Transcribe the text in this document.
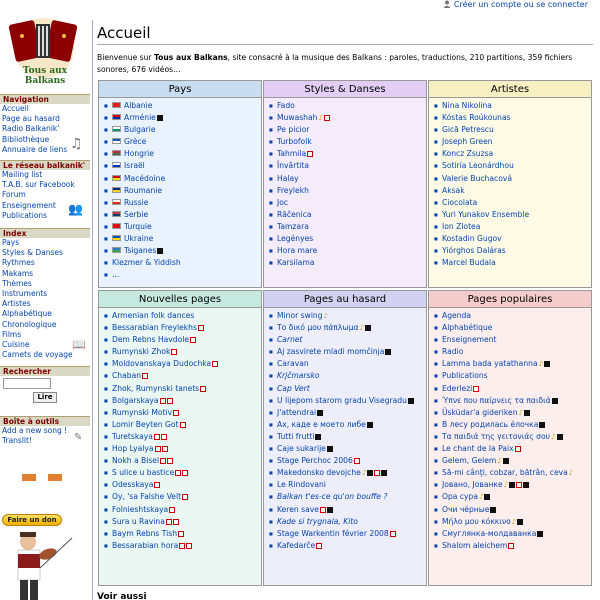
Créer un compte ou se connecter
Tous aux Balkans
Navigation
Accueil
Page au hasard
Radio Balkanik'
Bibliothèque
Annuaire de liens ♫
Le réseau balkanik'
Mailing list
T.A.B. sur Facebook
Forum
Enseignement
Publications	👥
Index
Pays
Styles & Danses
Rythmes
Makams
Thèmes
Instruments
Artistes
Alphabétique
Chronologique
Films
Cuisine
Carnets de voyage
📖
Rechercher
Lire
Boîte à outils
Add a new song !
Translit!	✎
Faire un don
Accueil

Bienvenue sur Tous aux Balkans, site consacré à la musique des Balkans : paroles, traductions, 210 partitions, 359 fichiers sonores, 676 vidéos…

Pays
■ Albanie
■ Arménie
■ Bulgarie
■ Grèce
■ Hongrie
■ Israël
■ Macédoine
■ Roumanie
■ Russie
■ Serbie
■ Turquie
■ Ukraine
■ Tsiganes
■ Klezmer & Yiddish
■ ...
Styles & Danses
■ Fado
■ Muwashah♪
■ Pe picior
■ Turbofolk
■ Tahmila
■ Învârtita
■ Halay
■ Freylekh
■ Joc
■ Răčenica
■ Tamzara
■ Legényes
■ Hora mare
■ Karsilama
Artistes
■ Nina Nikolina
■ Kóstas Roúkounas
■ Gică Petrescu
■ Joseph Green
■ Koncz Zsuzsa
■ Sotiría Leonárdhou
■ Valerie Buchacová
■ Aksak
■ Ciocolata
■ Yuri Yunakov Ensemble
■ Ion Zlotea
■ Kostadin Gugov
■ Yiórghos Daláras
■ Marcel Budala
Nouvelles pages
■ Armenian folk dances
■ Bessarabian Freylekhs
■ Dem Rebns Havdole
■ Rumynski Zhok
■ Moldovanskaya Dudochka
■ Chaban
■ Zhok, Rumynski tanets
■ Bolgarskaya
■ Rumynski Motiv
■ Lomir Beyten Got
■ Turetskaya
■ Hop Lyalya
■ Nokh a Bisel
■ S ulice u bastice
■ Odesskaya
■ Oy, 'sa Falshe Velt
■ Folnieshtskaya
■ Sura u Ravina
■ Baym Rebns Tish
■ Bessarabian hora
Pages au hasard
■ Minor swing♪
■ Το δικό μου πάπλωμα♪
■ Carnet
■ Aj zasvirete mladi momčinja
■ Caravan
■ Krjčmarsko
■ Cap Vert
■ U lijepom starom gradu Visegradu
■ J'attendrai
■ Ах, каде е моето либе
■ Tutti frutti
■ Caje sukarije
■ Stage Perchoc 2006
■ Makedonsko devojche♪
■ Le Rindovani
■ Balkan t'es-ce qu'on bouffe ?
■ Keren save
■ Kade si trygnala, Kito
■ Stage Warkentin février 2008
■ Kafedarče
Pages populaires
■ Agenda
■ Alphabétique
■ Enseignement
■ Radio
■ Lamma bada yatathanna♪
■ Publications
■ Ederlezi
■ Ύπνε που παίρνεις τα παιδιά
■ Üsküdar'a gideriken♪
■ В лесу родилась ёлочка
■ Τα παιδιά της γειτονιάς σου♪
■ Le chant de la Paix
■ Gelem, Gelem♪
■ Să-mi cânţi, cobzar, bătrân, ceva♪
■ Јовано, Јованке♪
■ Ора сура♪
■ Очи чёрные
■ Μήλο μου κόκκινο♪
■ Смуглянка-молдаванка
■ Shalom aleichem
Voir aussi
